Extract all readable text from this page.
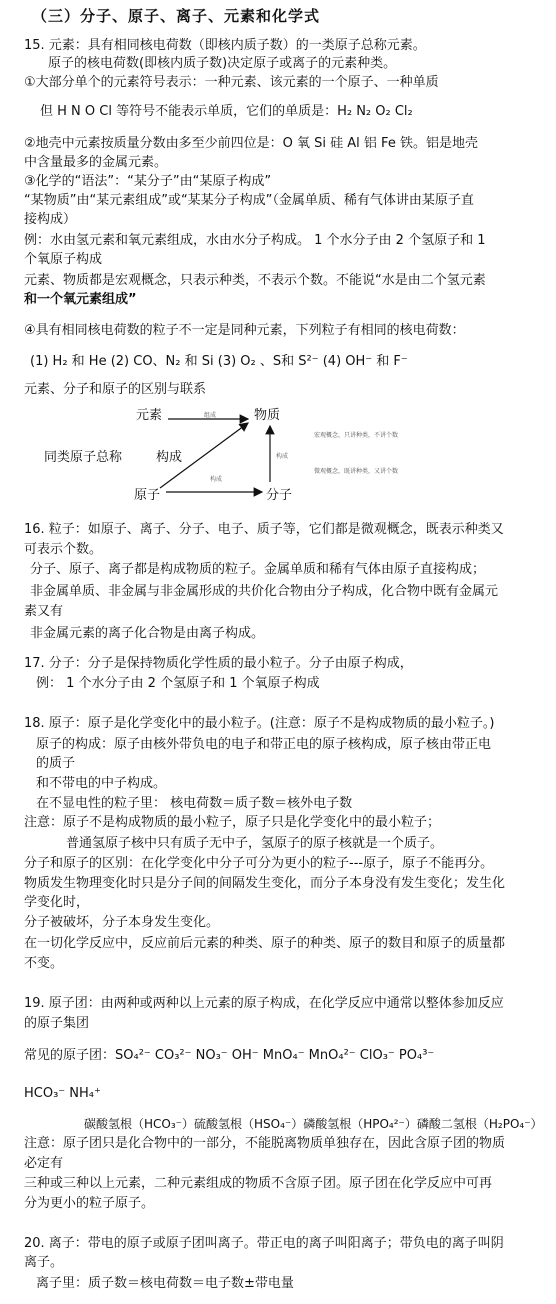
（三）分子、原子、离子、元素和化学式
15. 元素：具有相同核电荷数（即核内质子数）的一类原子总称元素。
原子的核电荷数(即核内质子数)决定原子或离子的元素种类。
①大部分单个的元素符号表示：一种元素、该元素的一个原子、一种单质
但 H N O Cl 等符号不能表示单质，它们的单质是：H₂ N₂ O₂ Cl₂
②地壳中元素按质量分数由多至少前四位是：O 氧 Si 硅 Al 铝 Fe 铁。铝是地壳
中含量最多的金属元素。
③化学的“语法”：“某分子”由“某原子构成”
“某物质”由“某元素组成”或“某某分子构成”（金属单质、稀有气体讲由某原子直
接构成）
例：水由氢元素和氧元素组成，水由水分子构成。 1 个水分子由 2 个氢原子和 1
个氧原子构成
元素、物质都是宏观概念，只表示种类，不表示个数。不能说“水是由二个氢元素
和一个氧元素组成”
④具有相同核电荷数的粒子不一定是同种元素，下列粒子有相同的核电荷数：
(1) H₂ 和 He (2) CO、N₂ 和 Si (3) O₂ 、S和 S²⁻ (4) OH⁻ 和 F⁻
元素、分子和原子的区别与联系
16. 粒子：如原子、离子、分子、电子、质子等，它们都是微观概念，既表示种类又
可表示个数。
分子、原子、离子都是构成物质的粒子。金属单质和稀有气体由原子直接构成；
非金属单质、非金属与非金属形成的共价化合物由分子构成，化合物中既有金属元
素又有
非金属元素的离子化合物是由离子构成。
17. 分子：分子是保持物质化学性质的最小粒子。分子由原子构成，
例： 1 个水分子由 2 个氢原子和 1 个氧原子构成
18. 原子：原子是化学变化中的最小粒子。(注意：原子不是构成物质的最小粒子。)
原子的构成：原子由核外带负电的电子和带正电的原子核构成，原子核由带正电
的质子
和不带电的中子构成。
在不显电性的粒子里： 核电荷数＝质子数＝核外电子数
注意：原子不是构成物质的最小粒子，原子只是化学变化中的最小粒子；
普通氢原子核中只有质子无中子，氢原子的原子核就是一个质子。
分子和原子的区别：在化学变化中分子可分为更小的粒子---原子，原子不能再分。
物质发生物理变化时只是分子间的间隔发生变化，而分子本身没有发生变化；发生化
学变化时，
分子被破坏，分子本身发生变化。
在一切化学反应中，反应前后元素的种类、原子的种类、原子的数目和原子的质量都
不变。
19. 原子团：由两种或两种以上元素的原子构成，在化学反应中通常以整体参加反应
的原子集团
常见的原子团：SO₄²⁻ CO₃²⁻ NO₃⁻ OH⁻ MnO₄⁻ MnO₄²⁻ ClO₃⁻ PO₄³⁻
HCO₃⁻ NH₄⁺
碳酸氢根（HCO₃⁻）硫酸氢根（HSO₄⁻）磷酸氢根（HPO₄²⁻）磷酸二氢根（H₂PO₄⁻）
注意：原子团只是化合物中的一部分，不能脱离物质单独存在，因此含原子团的物质
必定有
三种或三种以上元素，二种元素组成的物质不含原子团。原子团在化学反应中可再
分为更小的粒子原子。
20. 离子：带电的原子或原子团叫离子。带正电的离子叫阳离子；带负电的离子叫阴
离子。
离子里：质子数＝核电荷数＝电子数±带电量
元素	物质
同类原子总称	构成
原子	分子
组成
构成
构成
宏观概念，只讲种类，不讲个数
微观概念，既讲种类，又讲个数
